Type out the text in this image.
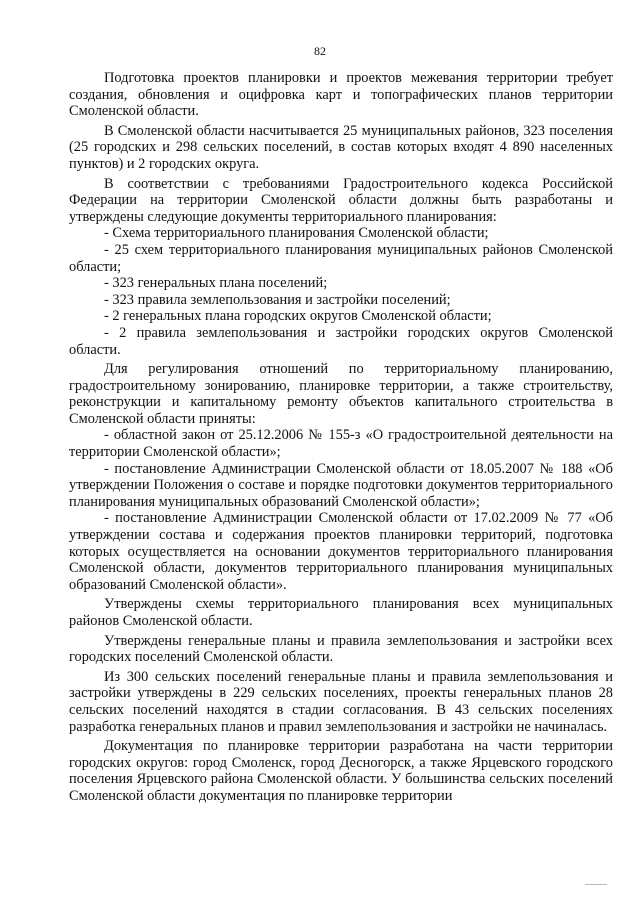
82

Подготовка проектов планировки и проектов межевания территории требует создания, обновления и оцифровка карт и топографических планов территории Смоленской области.

В Смоленской области насчитывается 25 муниципальных районов, 323 поселения (25 городских и 298 сельских поселений, в состав которых входят 4 890 населенных пунктов) и 2 городских округа.

В соответствии с требованиями Градостроительного кодекса Российской Федерации на территории Смоленской области должны быть разработаны и утверждены следующие документы территориального планирования:

- Схема территориального планирования Смоленской области;

- 25 схем территориального планирования муниципальных районов Смоленской области;

- 323 генеральных плана поселений;

- 323 правила землепользования и застройки поселений;

- 2 генеральных плана городских округов Смоленской области;

- 2 правила землепользования и застройки городских округов Смоленской области.

Для регулирования отношений по территориальному планированию, градостроительному зонированию, планировке территории, а также строительству, реконструкции и капитальному ремонту объектов капитального строительства в Смоленской области приняты:

- областной закон от 25.12.2006 № 155-з «О градостроительной деятельности на территории Смоленской области»;

- постановление Администрации Смоленской области от 18.05.2007 № 188 «Об утверждении Положения о составе и порядке подготовки документов территориального планирования муниципальных образований Смоленской области»;

- постановление Администрации Смоленской области от 17.02.2009 № 77 «Об утверждении состава и содержания проектов планировки территорий, подготовка которых осуществляется на основании документов территориального планирования Смоленской области, документов территориального планирования муниципальных образований Смоленской области».

Утверждены схемы территориального планирования всех муниципальных районов Смоленской области.

Утверждены генеральные планы и правила землепользования и застройки всех городских поселений Смоленской области.

Из 300 сельских поселений генеральные планы и правила землепользования и застройки утверждены в 229 сельских поселениях, проекты генеральных планов 28 сельских поселений находятся в стадии согласования. В 43 сельских поселениях разработка генеральных планов и правил землепользования и застройки не начиналась.

Документация по планировке территории разработана на части территории городских округов: город Смоленск, город Десногорск, а также Ярцевского городского поселения Ярцевского района Смоленской области. У большинства сельских поселений Смоленской области документация по планировке территории
